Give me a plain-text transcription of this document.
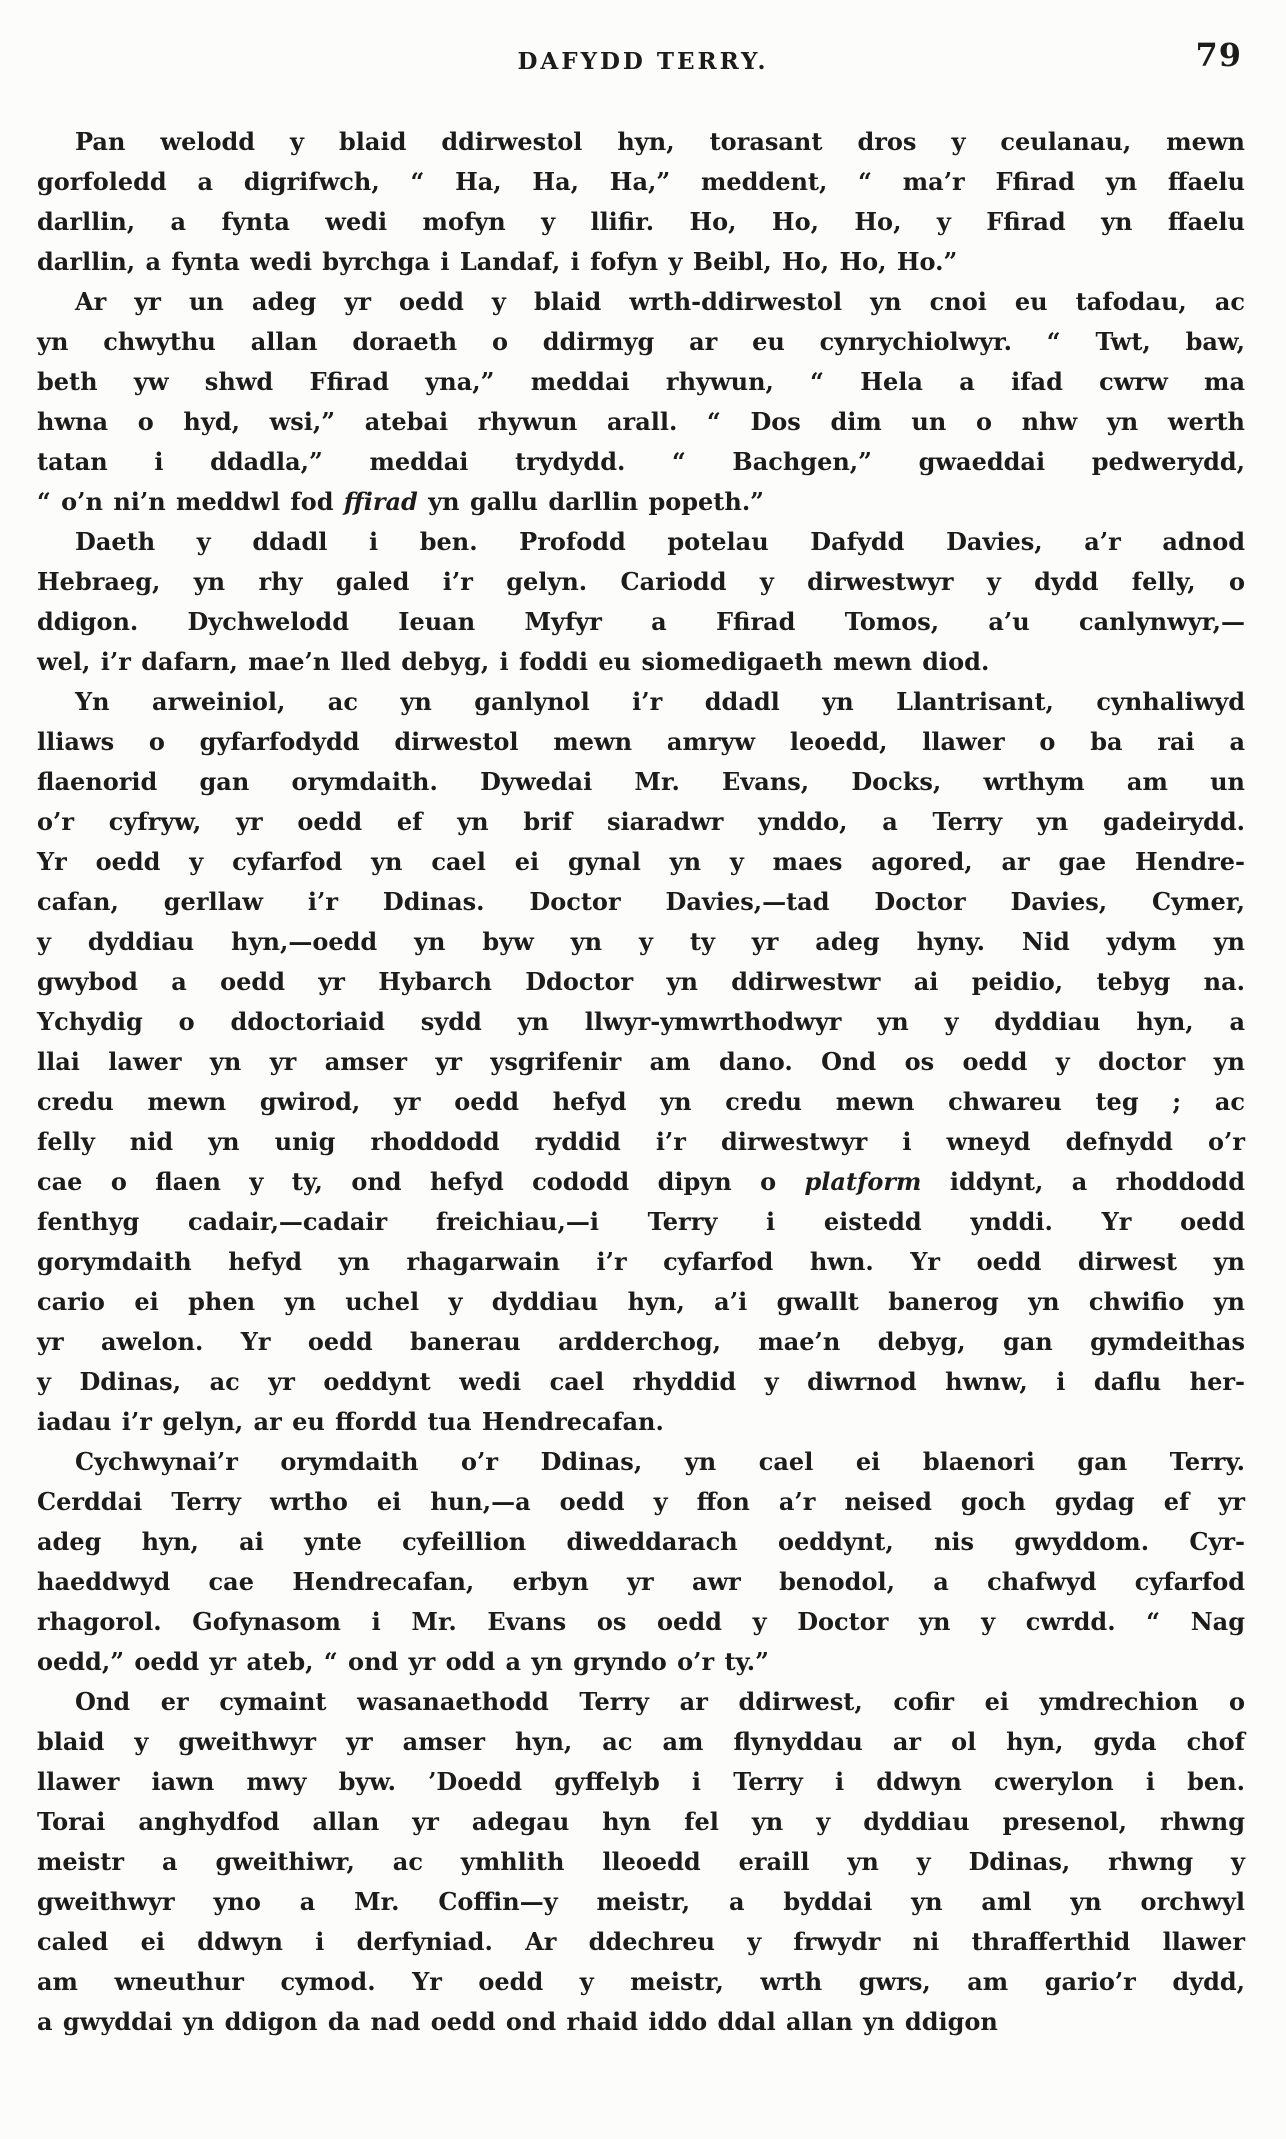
DAFYDD TERRY.	79
Pan welodd y blaid ddirwestol hyn, torasant dros y ceulanau, mewn
gorfoledd a digrifwch, “ Ha, Ha, Ha,” meddent, “ ma’r Ffirad yn ffaelu
darllin, a fynta wedi mofyn y llifir. Ho, Ho, Ho, y Ffirad yn ffaelu
darllin, a fynta wedi byrchga i Landaf, i fofyn y Beibl, Ho, Ho, Ho.”
Ar yr un adeg yr oedd y blaid wrth-ddirwestol yn cnoi eu tafodau, ac
yn chwythu allan doraeth o ddirmyg ar eu cynrychiolwyr. “ Twt, baw,
beth yw shwd Ffirad yna,” meddai rhywun, “ Hela a ifad cwrw ma
hwna o hyd, wsi,” atebai rhywun arall. “ Dos dim un o nhw yn werth
tatan i ddadla,” meddai trydydd. “ Bachgen,” gwaeddai pedwerydd,
“ o’n ni’n meddwl fod ffirad yn gallu darllin popeth.”
Daeth y ddadl i ben. Profodd potelau Dafydd Davies, a’r adnod
Hebraeg, yn rhy galed i’r gelyn. Cariodd y dirwestwyr y dydd felly, o
ddigon. Dychwelodd Ieuan Myfyr a Ffirad Tomos, a’u canlynwyr,—
wel, i’r dafarn, mae’n lled debyg, i foddi eu siomedigaeth mewn diod.
Yn arweiniol, ac yn ganlynol i’r ddadl yn Llantrisant, cynhaliwyd
lliaws o gyfarfodydd dirwestol mewn amryw leoedd, llawer o ba rai a
flaenorid gan orymdaith. Dywedai Mr. Evans, Docks, wrthym am un
o’r cyfryw, yr oedd ef yn brif siaradwr ynddo, a Terry yn gadeirydd.
Yr oedd y cyfarfod yn cael ei gynal yn y maes agored, ar gae Hendre-
cafan, gerllaw i’r Ddinas. Doctor Davies,—tad Doctor Davies, Cymer,
y dyddiau hyn,—oedd yn byw yn y ty yr adeg hyny. Nid ydym yn
gwybod a oedd yr Hybarch Ddoctor yn ddirwestwr ai peidio, tebyg na.
Ychydig o ddoctoriaid sydd yn llwyr-ymwrthodwyr yn y dyddiau hyn, a
llai lawer yn yr amser yr ysgrifenir am dano. Ond os oedd y doctor yn
credu mewn gwirod, yr oedd hefyd yn credu mewn chwareu teg ; ac
felly nid yn unig rhoddodd ryddid i’r dirwestwyr i wneyd defnydd o’r
cae o flaen y ty, ond hefyd cododd dipyn o platform iddynt, a rhoddodd
fenthyg cadair,—cadair freichiau,—i Terry i eistedd ynddi. Yr oedd
gorymdaith hefyd yn rhagarwain i’r cyfarfod hwn. Yr oedd dirwest yn
cario ei phen yn uchel y dyddiau hyn, a’i gwallt banerog yn chwifio yn
yr awelon. Yr oedd banerau ardderchog, mae’n debyg, gan gymdeithas
y Ddinas, ac yr oeddynt wedi cael rhyddid y diwrnod hwnw, i daflu her-
iadau i’r gelyn, ar eu ffordd tua Hendrecafan.
Cychwynai’r orymdaith o’r Ddinas, yn cael ei blaenori gan Terry.
Cerddai Terry wrtho ei hun,—a oedd y ffon a’r neised goch gydag ef yr
adeg hyn, ai ynte cyfeillion diweddarach oeddynt, nis gwyddom. Cyr-
haeddwyd cae Hendrecafan, erbyn yr awr benodol, a chafwyd cyfarfod
rhagorol. Gofynasom i Mr. Evans os oedd y Doctor yn y cwrdd. “ Nag
oedd,” oedd yr ateb, “ ond yr odd a yn gryndo o’r ty.”
Ond er cymaint wasanaethodd Terry ar ddirwest, cofir ei ymdrechion o
blaid y gweithwyr yr amser hyn, ac am flynyddau ar ol hyn, gyda chof
llawer iawn mwy byw. ’Doedd gyffelyb i Terry i ddwyn cwerylon i ben.
Torai anghydfod allan yr adegau hyn fel yn y dyddiau presenol, rhwng
meistr a gweithiwr, ac ymhlith lleoedd eraill yn y Ddinas, rhwng y
gweithwyr yno a Mr. Coffin—y meistr, a byddai yn aml yn orchwyl
caled ei ddwyn i derfyniad. Ar ddechreu y frwydr ni thrafferthid llawer
am wneuthur cymod. Yr oedd y meistr, wrth gwrs, am gario’r dydd,
a gwyddai yn ddigon da nad oedd ond rhaid iddo ddal allan yn ddigon
